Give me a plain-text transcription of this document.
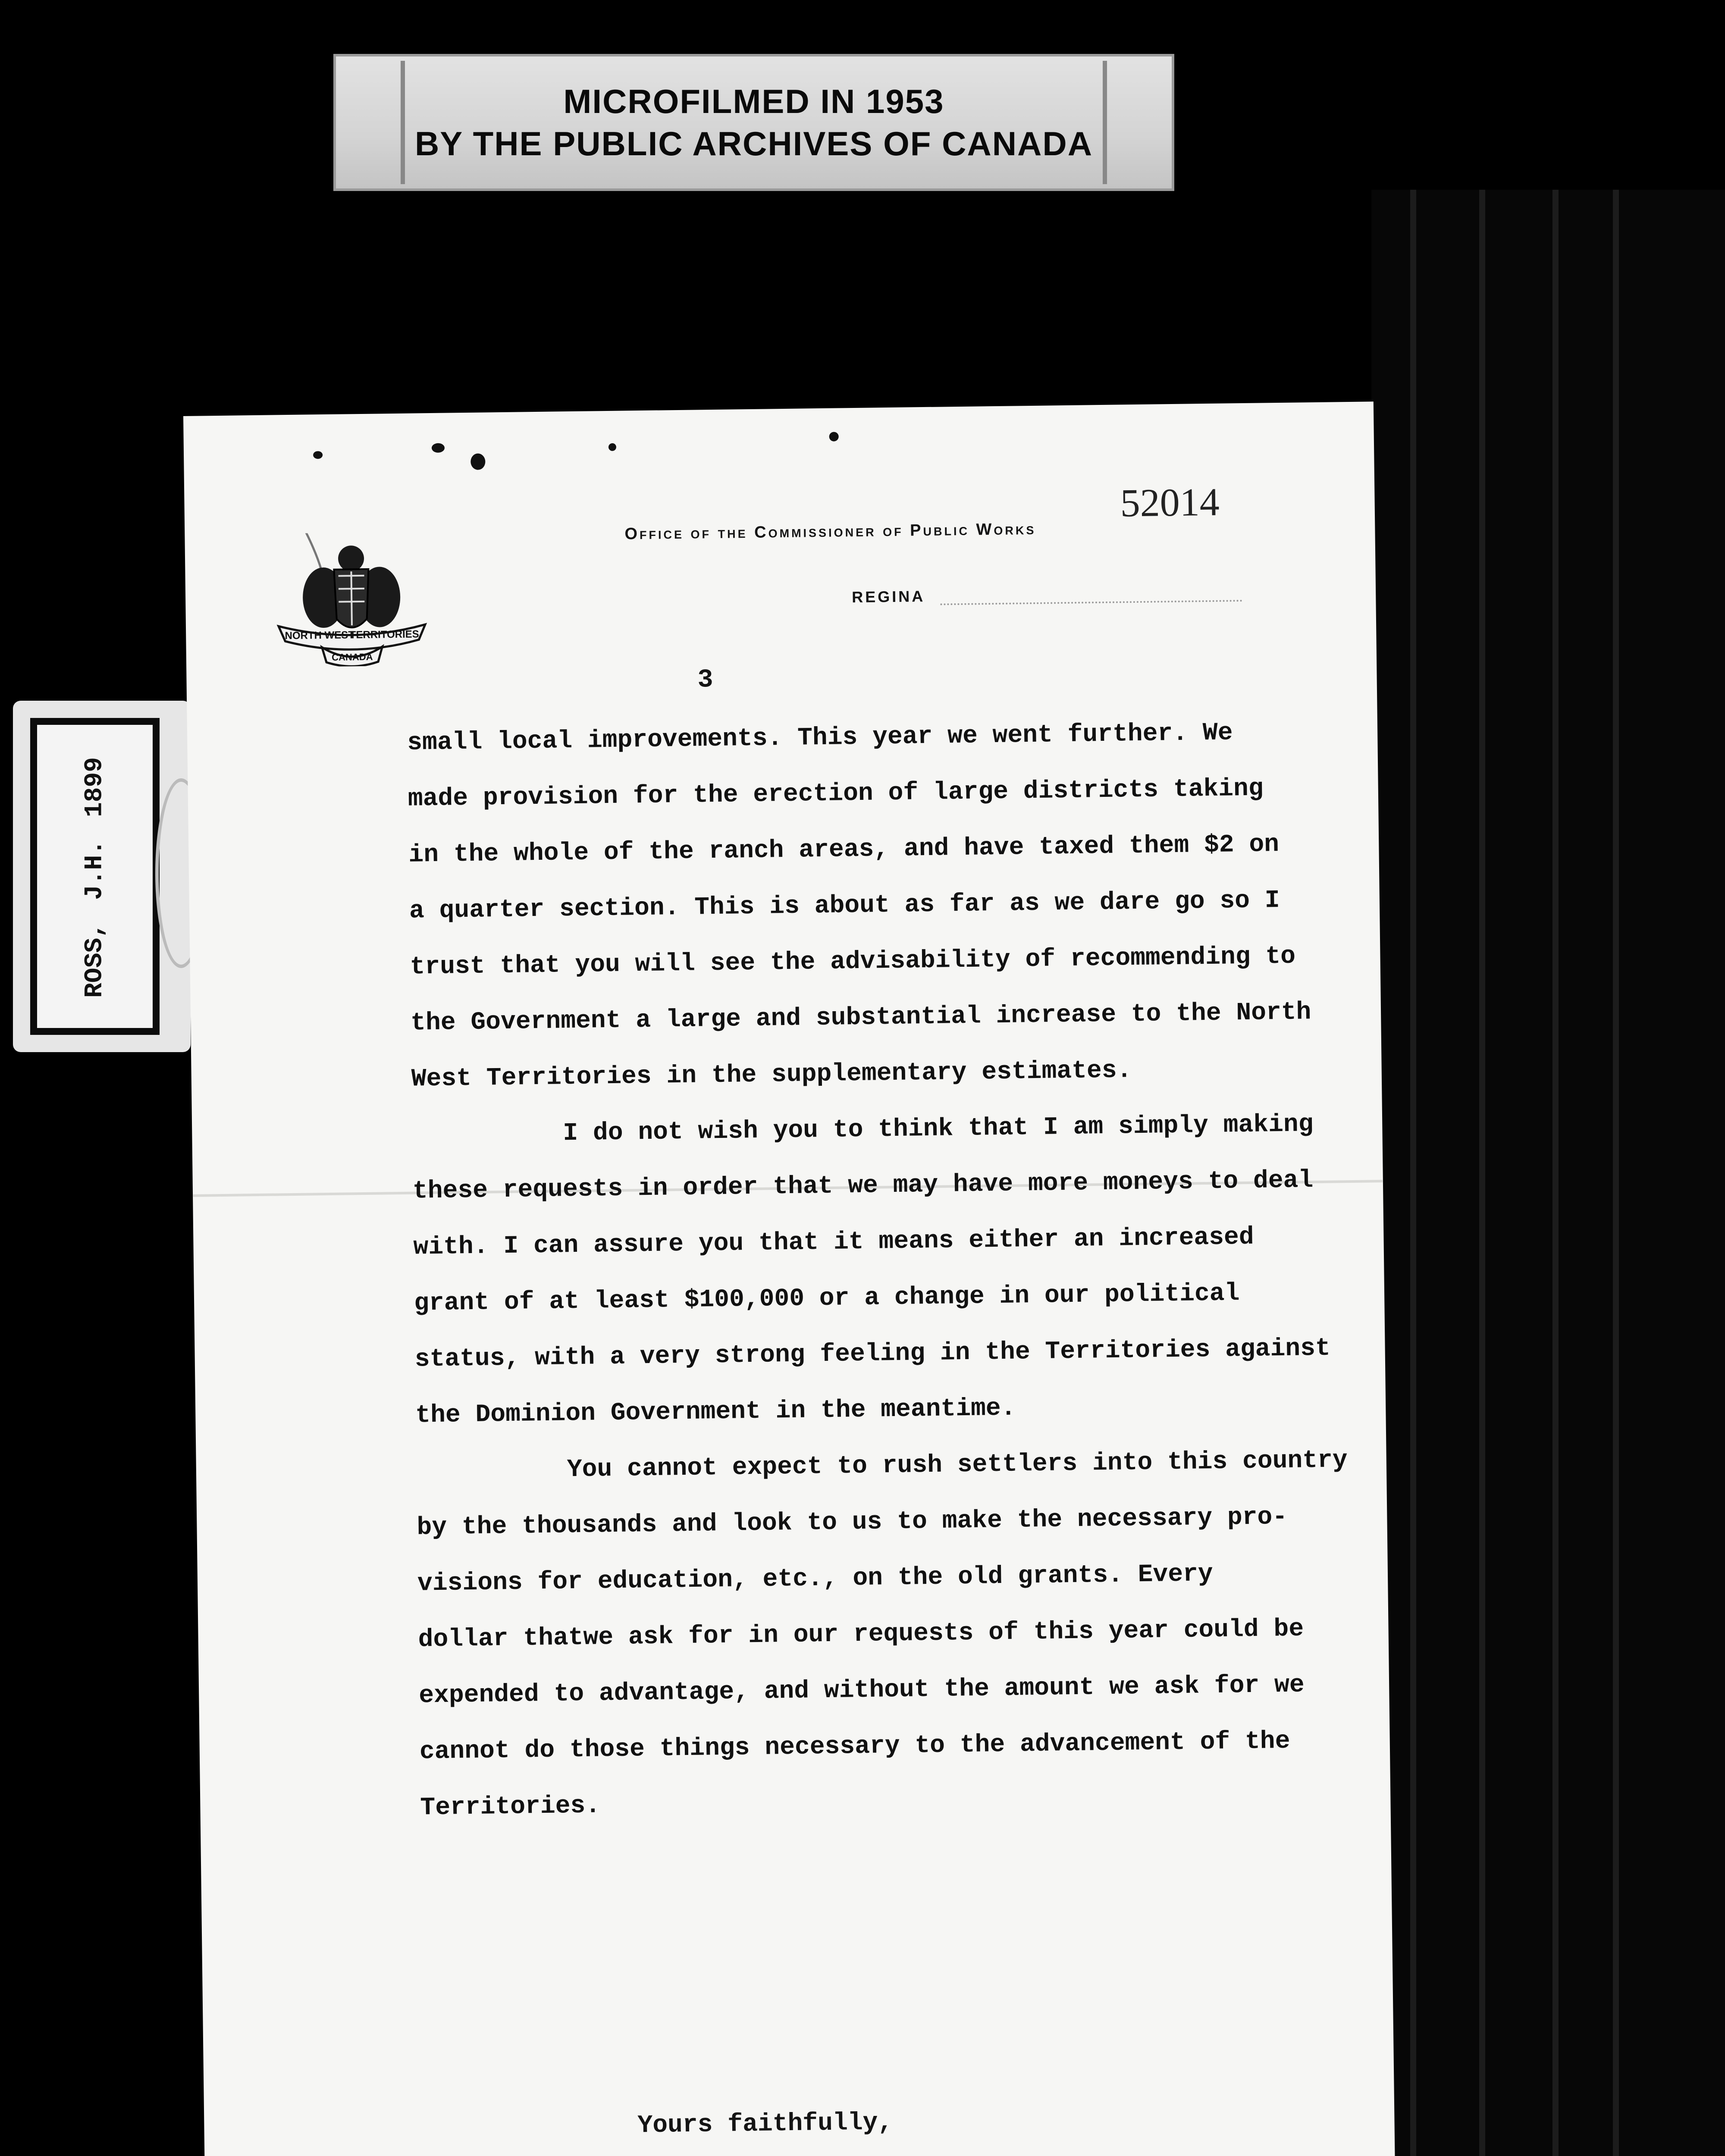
MICROFILMED IN 1953
BY THE PUBLIC ARCHIVES OF CANADA
ROSS, J.H. 1899
NORTH WEST
TERRITORIES
CANADA
Office of the Commissioner of Public Works
52014
REGINA
3
small local improvements. This year we went further. We
made provision for the erection of large districts taking
in the whole of the ranch areas, and have taxed them $2 on
a quarter section. This is about as far as we dare go so I
trust that you will see the advisability of recommending to
the Government a large and substantial increase to the North
West Territories in the supplementary estimates.
I do not wish you to think that I am simply making
these requests in order that we may have more moneys to deal
with. I can assure you that it means either an increased
grant of at least $100,000 or a change in our political
status, with a very strong feeling in the Territories against
the Dominion Government in the meantime.
You cannot expect to rush settlers into this country
by the thousands and look to us to make the necessary pro-
visions for education, etc., on the old grants. Every
dollar thatwe ask for in our requests of this year could be
expended to advantage, and without the amount we ask for we
cannot do those things necessary to the advancement of the
Territories.
Yours faithfully,
